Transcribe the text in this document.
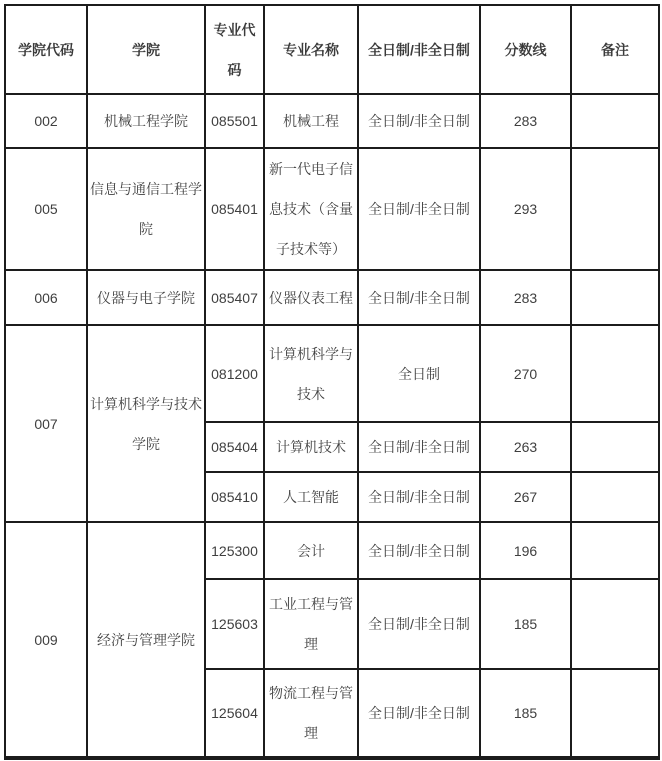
学院代码	学院	专业代码	专业名称	全日制/非全日制	分数线	备注
002	机械工程学院	085501	机械工程	全日制/非全日制	283	
005	信息与通信工程学院	085401	新一代电子信息技术（含量子技术等）	全日制/非全日制	293	
006	仪器与电子学院	085407	仪器仪表工程	全日制/非全日制	283	
007	计算机科学与技术学院	081200	计算机科学与技术	全日制	270	
		085404	计算机技术	全日制/非全日制	263	
		085410	人工智能	全日制/非全日制	267	
009	经济与管理学院	125300	会计	全日制/非全日制	196	
		125603	工业工程与管理	全日制/非全日制	185	
		125604	物流工程与管理	全日制/非全日制	185	
